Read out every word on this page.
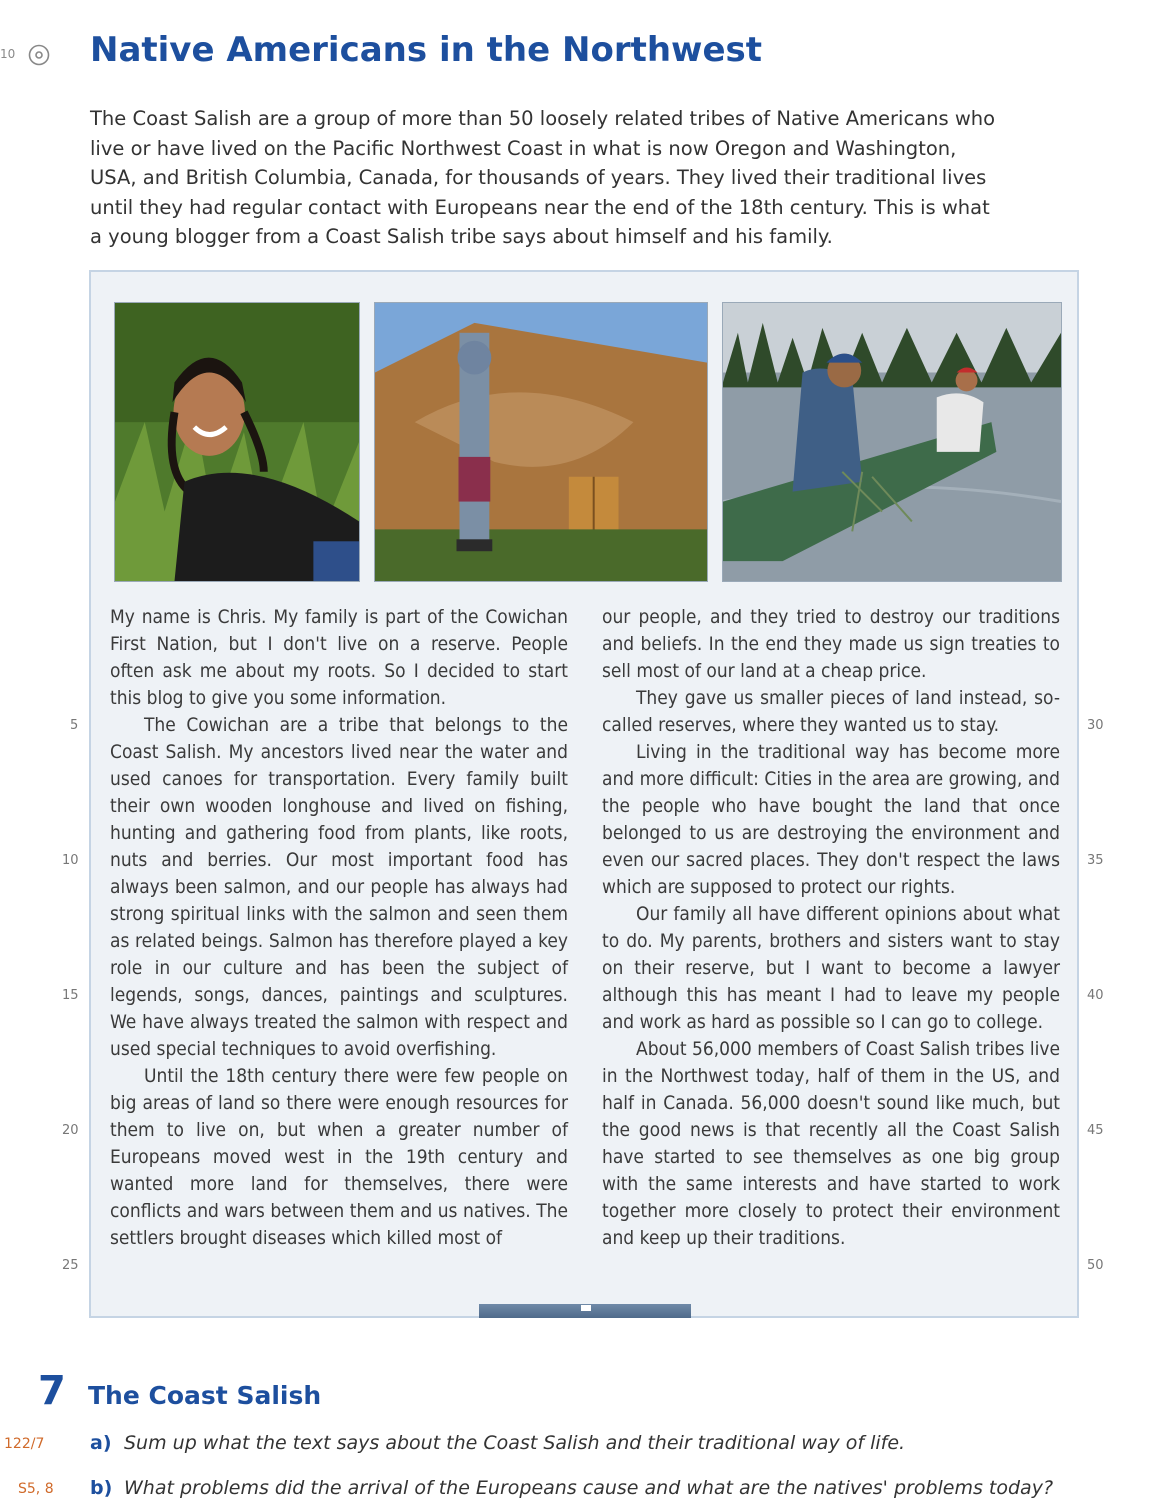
10 Native Americans in the Northwest
The Coast Salish are a group of more than 50 loosely related tribes of Native Americans who
live or have lived on the Pacific Northwest Coast in what is now Oregon and Washington,
USA, and British Columbia, Canada, for thousands of years. They lived their traditional lives
until they had regular contact with Europeans near the end of the 18th century. This is what
a young blogger from a Coast Salish tribe says about himself and his family.

My name is Chris. My family is part of the Cowichan First Nation, but I don't live on a reserve. People often ask me about my roots. So I decided to start this blog to give you some information.

The Cowichan are a tribe that belongs to the Coast Salish. My ancestors lived near the water and used canoes for transportation. Every family built their own wooden longhouse and lived on fishing, hunting and gathering food from plants, like roots, nuts and berries. Our most important food has always been salmon, and our people has always had strong spiritual links with the salmon and seen them as related beings. Salmon has therefore played a key role in our culture and has been the subject of legends, songs, dances, paintings and sculptures. We have always treated the salmon with respect and used special techniques to avoid overfishing.

Until the 18th century there were few people on big areas of land so there were enough resources for them to live on, but when a greater number of Europeans moved west in the 19th century and wanted more land for themselves, there were conflicts and wars between them and us natives. The settlers brought diseases which killed most of

our people, and they tried to destroy our traditions and beliefs. In the end they made us sign treaties to sell most of our land at a cheap price.

They gave us smaller pieces of land instead, so-called reserves, where they wanted us to stay.

Living in the traditional way has become more and more difficult: Cities in the area are growing, and the people who have bought the land that once belonged to us are destroying the environment and even our sacred places. They don't respect the laws which are supposed to protect our rights.

Our family all have different opinions about what to do. My parents, brothers and sisters want to stay on their reserve, but I want to become a lawyer although this has meant I had to leave my people and work as hard as possible so I can go to college.

About 56,000 members of Coast Salish tribes live in the Northwest today, half of them in the US, and half in Canada. 56,000 doesn't sound like much, but the good news is that recently all the Coast Salish have started to see themselves as one big group with the same interests and have started to work together more closely to protect their environment and keep up their traditions.

5
10
15
20
25
30
35
40
45
50
7 The Coast Salish
122/7 a) Sum up what the text says about the Coast Salish and their traditional way of life.
S5, 8 b) What problems did the arrival of the Europeans cause and what are the natives' problems today?
